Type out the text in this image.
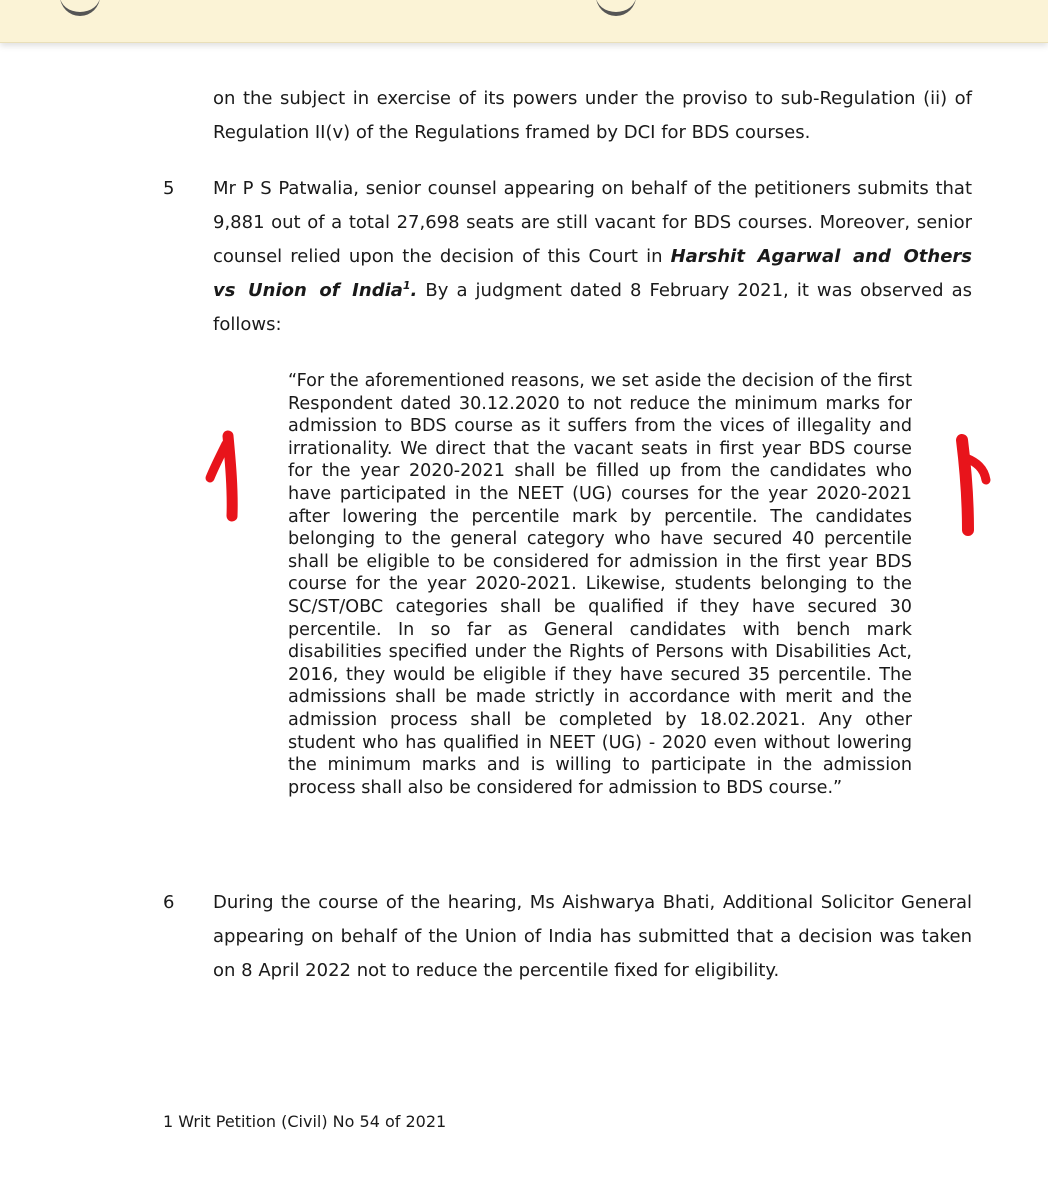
on the subject in exercise of its powers under the proviso to sub-Regulation (ii) of Regulation II(v) of the Regulations framed by DCI for BDS courses.

5 Mr P S Patwalia, senior counsel appearing on behalf of the petitioners submits that 9,881 out of a total 27,698 seats are still vacant for BDS courses. Moreover, senior counsel relied upon the decision of this Court in Harshit Agarwal and Others vs Union of India$^1$. By a judgment dated 8 February 2021, it was observed as follows:

“For the aforementioned reasons, we set aside the decision of the first Respondent dated 30.12.2020 to not reduce the minimum marks for admission to BDS course as it suffers from the vices of illegality and irrationality. We direct that the vacant seats in first year BDS course for the year 2020-2021 shall be filled up from the candidates who have participated in the NEET (UG) courses for the year 2020-2021 after lowering the percentile mark by percentile. The candidates belonging to the general category who have secured 40 percentile shall be eligible to be considered for admission in the first year BDS course for the year 2020-2021. Likewise, students belonging to the SC/ST/OBC categories shall be qualified if they have secured 30 percentile. In so far as General candidates with bench mark disabilities specified under the Rights of Persons with Disabilities Act, 2016, they would be eligible if they have secured 35 percentile. The admissions shall be made strictly in accordance with merit and the admission process shall be completed by 18.02.2021. Any other student who has qualified in NEET (UG) - 2020 even without lowering the minimum marks and is willing to participate in the admission process shall also be considered for admission to BDS course.”

6 During the course of the hearing, Ms Aishwarya Bhati, Additional Solicitor General appearing on behalf of the Union of India has submitted that a decision was taken on 8 April 2022 not to reduce the percentile fixed for eligibility.

1 Writ Petition (Civil) No 54 of 2021
